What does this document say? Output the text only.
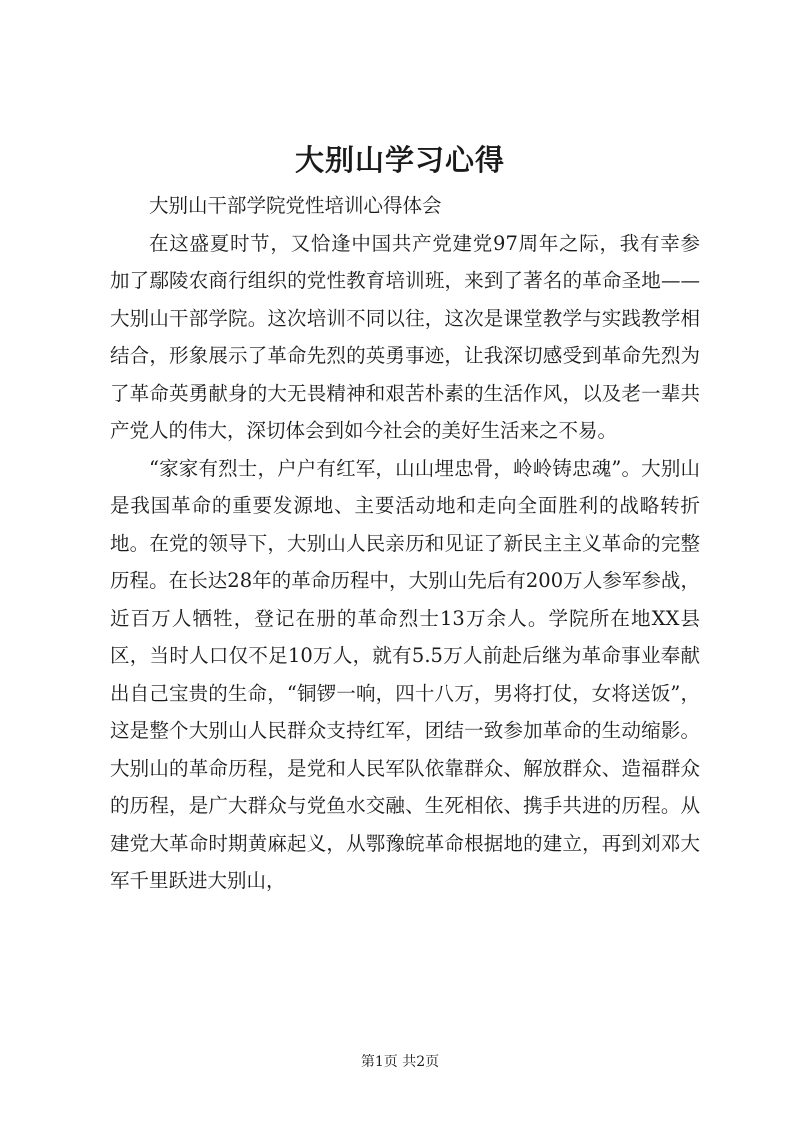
大别山学习心得

大别山干部学院党性培训心得体会

在这盛夏时节，又恰逢中国共产党建党97周年之际，我有幸参加了鄢陵农商行组织的党性教育培训班，来到了著名的革命圣地——大别山干部学院。这次培训不同以往，这次是课堂教学与实践教学相结合，形象展示了革命先烈的英勇事迹，让我深切感受到革命先烈为了革命英勇献身的大无畏精神和艰苦朴素的生活作风，以及老一辈共产党人的伟大，深切体会到如今社会的美好生活来之不易。

“家家有烈士，户户有红军，山山埋忠骨，岭岭铸忠魂”。大别山是我国革命的重要发源地、主要活动地和走向全面胜利的战略转折地。在党的领导下，大别山人民亲历和见证了新民主主义革命的完整历程。在长达28年的革命历程中，大别山先后有200万人参军参战，近百万人牺牲，登记在册的革命烈士13万余人。学院所在地XX县区，当时人口仅不足10万人，就有5.5万人前赴后继为革命事业奉献出自己宝贵的生命，“铜锣一响，四十八万，男将打仗，女将送饭”，这是整个大别山人民群众支持红军，团结一致参加革命的生动缩影。大别山的革命历程，是党和人民军队依靠群众、解放群众、造福群众的历程，是广大群众与党鱼水交融、生死相依、携手共进的历程。从建党大革命时期黄麻起义，从鄂豫皖革命根据地的建立，再到刘邓大军千里跃进大别山，

第1页 共2页
